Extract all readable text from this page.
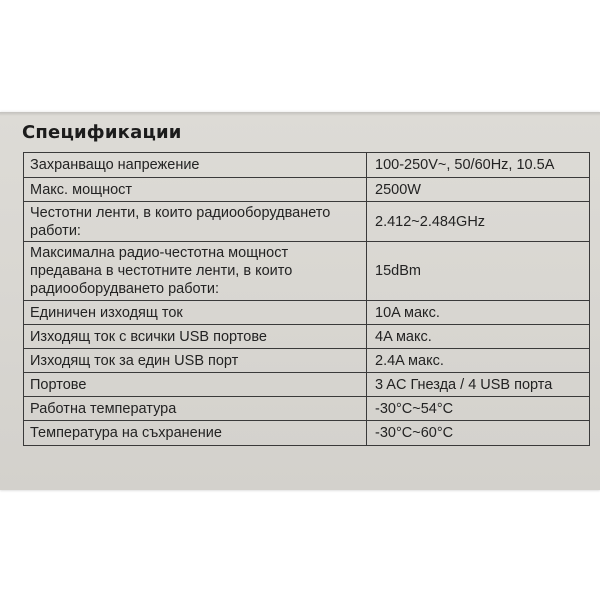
Спецификации
Захранващо напрежение	100-250V~, 50/60Hz, 10.5A
Макс. мощност	2500W
Честотни ленти, в които радиооборудването работи:	2.412~2.484GHz
Максимална радио-честотна мощност предавана в честотните ленти, в които радиооборудването работи:	15dBm
Единичен изходящ ток	10A макс.
Изходящ ток с всички USB портове	4A макс.
Изходящ ток за един USB порт	2.4A макс.
Портове	3 AC Гнезда / 4 USB порта
Работна температура	-30°C~54°C
Температура на съхранение	-30°C~60°C
